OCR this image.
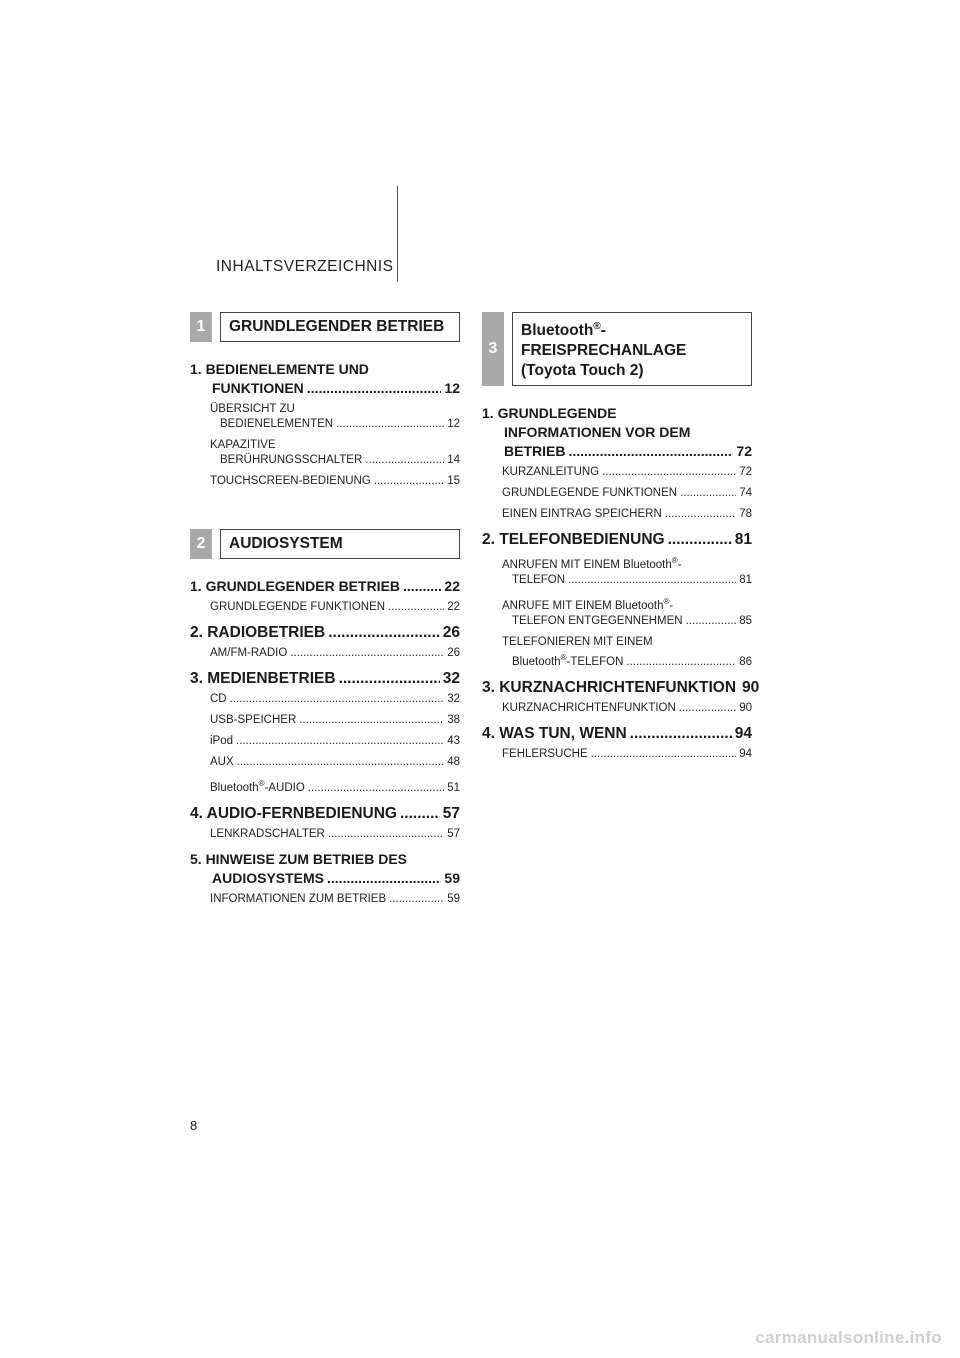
INHALTSVERZEICHNIS
1	GRUNDLEGENDER BETRIEB
1. BEDIENELEMENTE UND
FUNKTIONEN .....	12
ÜBERSICHT ZU
BEDIENELEMENTEN .....	12
KAPAZITIVE
BERÜHRUNGSSCHALTER .....	14
TOUCHSCREEN-BEDIENUNG .....	15
2	AUDIOSYSTEM
1. GRUNDLEGENDER BETRIEB .....	22
GRUNDLEGENDE FUNKTIONEN .....	22
2. RADIOBETRIEB .....	26
AM/FM-RADIO .....	26
3. MEDIENBETRIEB .....	32
CD .....	32
USB-SPEICHER .....	38
iPod .....	43
AUX .....	48
Bluetooth®-AUDIO .....	51
4. AUDIO-FERNBEDIENUNG .....	57
LENKRADSCHALTER .....	57
5. HINWEISE ZUM BETRIEB DES
AUDIOSYSTEMS .....	59
INFORMATIONEN ZUM BETRIEB .....	59
3
Bluetooth®-
FREISPRECHANLAGE
(Toyota Touch 2)
1. GRUNDLEGENDE
INFORMATIONEN VOR DEM
BETRIEB .....	72
KURZANLEITUNG .....	72
GRUNDLEGENDE FUNKTIONEN .....	74
EINEN EINTRAG SPEICHERN .....	78
2. TELEFONBEDIENUNG .....	81
ANRUFEN MIT EINEM Bluetooth®-
TELEFON .....	81
ANRUFE MIT EINEM Bluetooth®-
TELEFON ENTGEGENNEHMEN .....	85
TELEFONIEREN MIT EINEM
Bluetooth®-TELEFON .....	86
3. KURZNACHRICHTENFUNKTION 90
KURZNACHRICHTENFUNKTION .....	90
4. WAS TUN, WENN .....	94
FEHLERSUCHE .....	94
8
carmanualsonline.info
